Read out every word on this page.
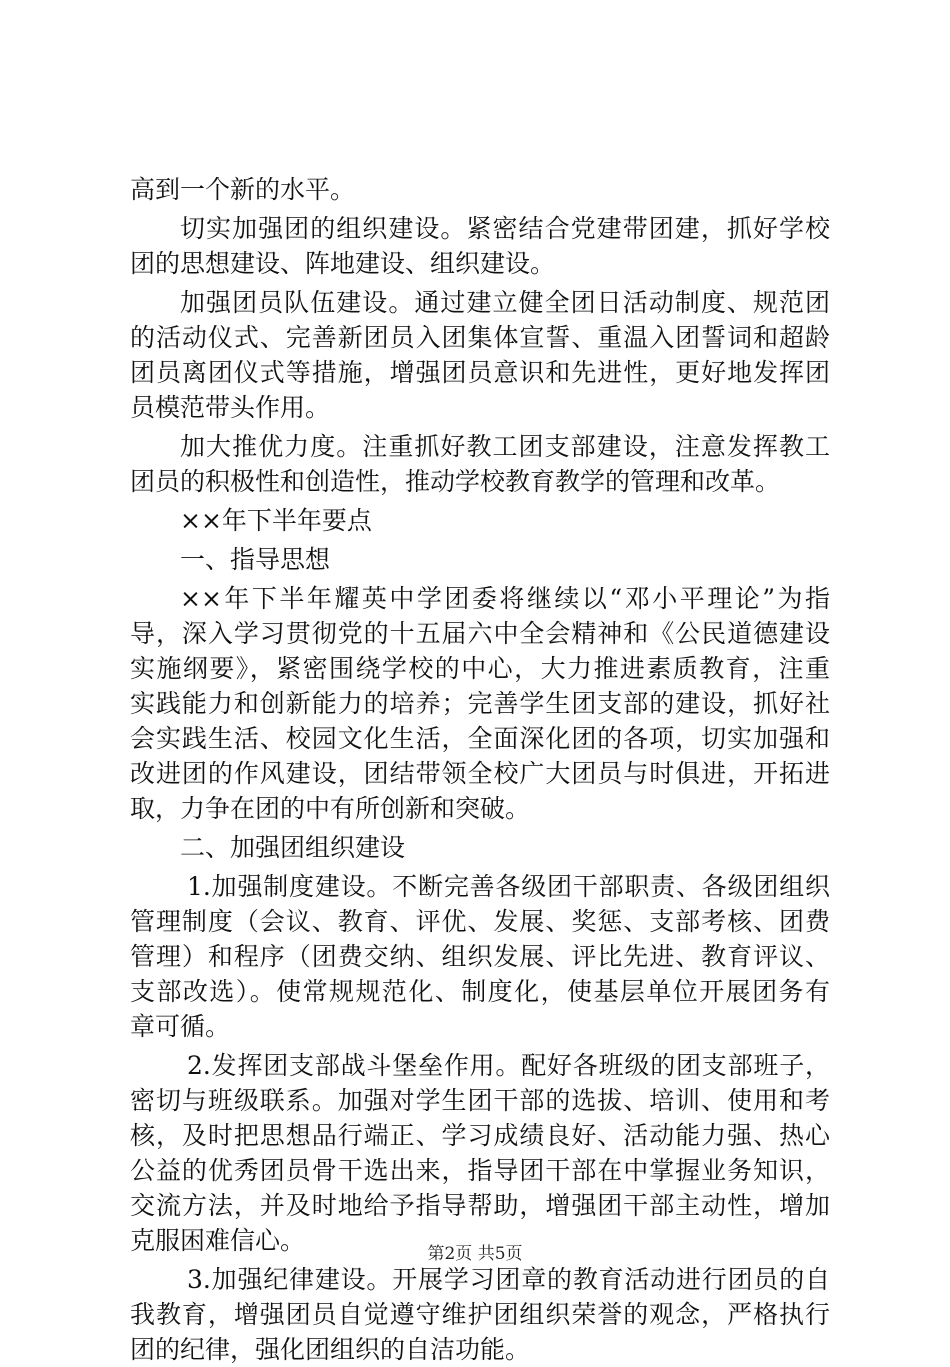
高到一个新的水平。
切实加强团的组织建设。紧密结合党建带团建，抓好学校
团的思想建设、阵地建设、组织建设。
加强团员队伍建设。通过建立健全团日活动制度、规范团
的活动仪式、完善新团员入团集体宣誓、重温入团誓词和超龄
团员离团仪式等措施，增强团员意识和先进性，更好地发挥团
员模范带头作用。
加大推优力度。注重抓好教工团支部建设，注意发挥教工
团员的积极性和创造性，推动学校教育教学的管理和改革。
××年下半年要点
一、指导思想
××年下半年耀英中学团委将继续以“邓小平理论”为指
导，深入学习贯彻党的十五届六中全会精神和《公民道德建设
实施纲要》，紧密围绕学校的中心，大力推进素质教育，注重
实践能力和创新能力的培养；完善学生团支部的建设，抓好社
会实践生活、校园文化生活，全面深化团的各项，切实加强和
改进团的作风建设，团结带领全校广大团员与时俱进，开拓进
取，力争在团的中有所创新和突破。
二、加强团组织建设
1.加强制度建设。不断完善各级团干部职责、各级团组织
管理制度（会议、教育、评优、发展、奖惩、支部考核、团费
管理）和程序（团费交纳、组织发展、评比先进、教育评议、
支部改选）。使常规规范化、制度化，使基层单位开展团务有
章可循。
2.发挥团支部战斗堡垒作用。配好各班级的团支部班子，
密切与班级联系。加强对学生团干部的选拔、培训、使用和考
核，及时把思想品行端正、学习成绩良好、活动能力强、热心
公益的优秀团员骨干选出来，指导团干部在中掌握业务知识，
交流方法，并及时地给予指导帮助，增强团干部主动性，增加
克服困难信心。
3.加强纪律建设。开展学习团章的教育活动进行团员的自
我教育，增强团员自觉遵守维护团组织荣誉的观念，严格执行
团的纪律，强化团组织的自洁功能。
第2页 共5页
